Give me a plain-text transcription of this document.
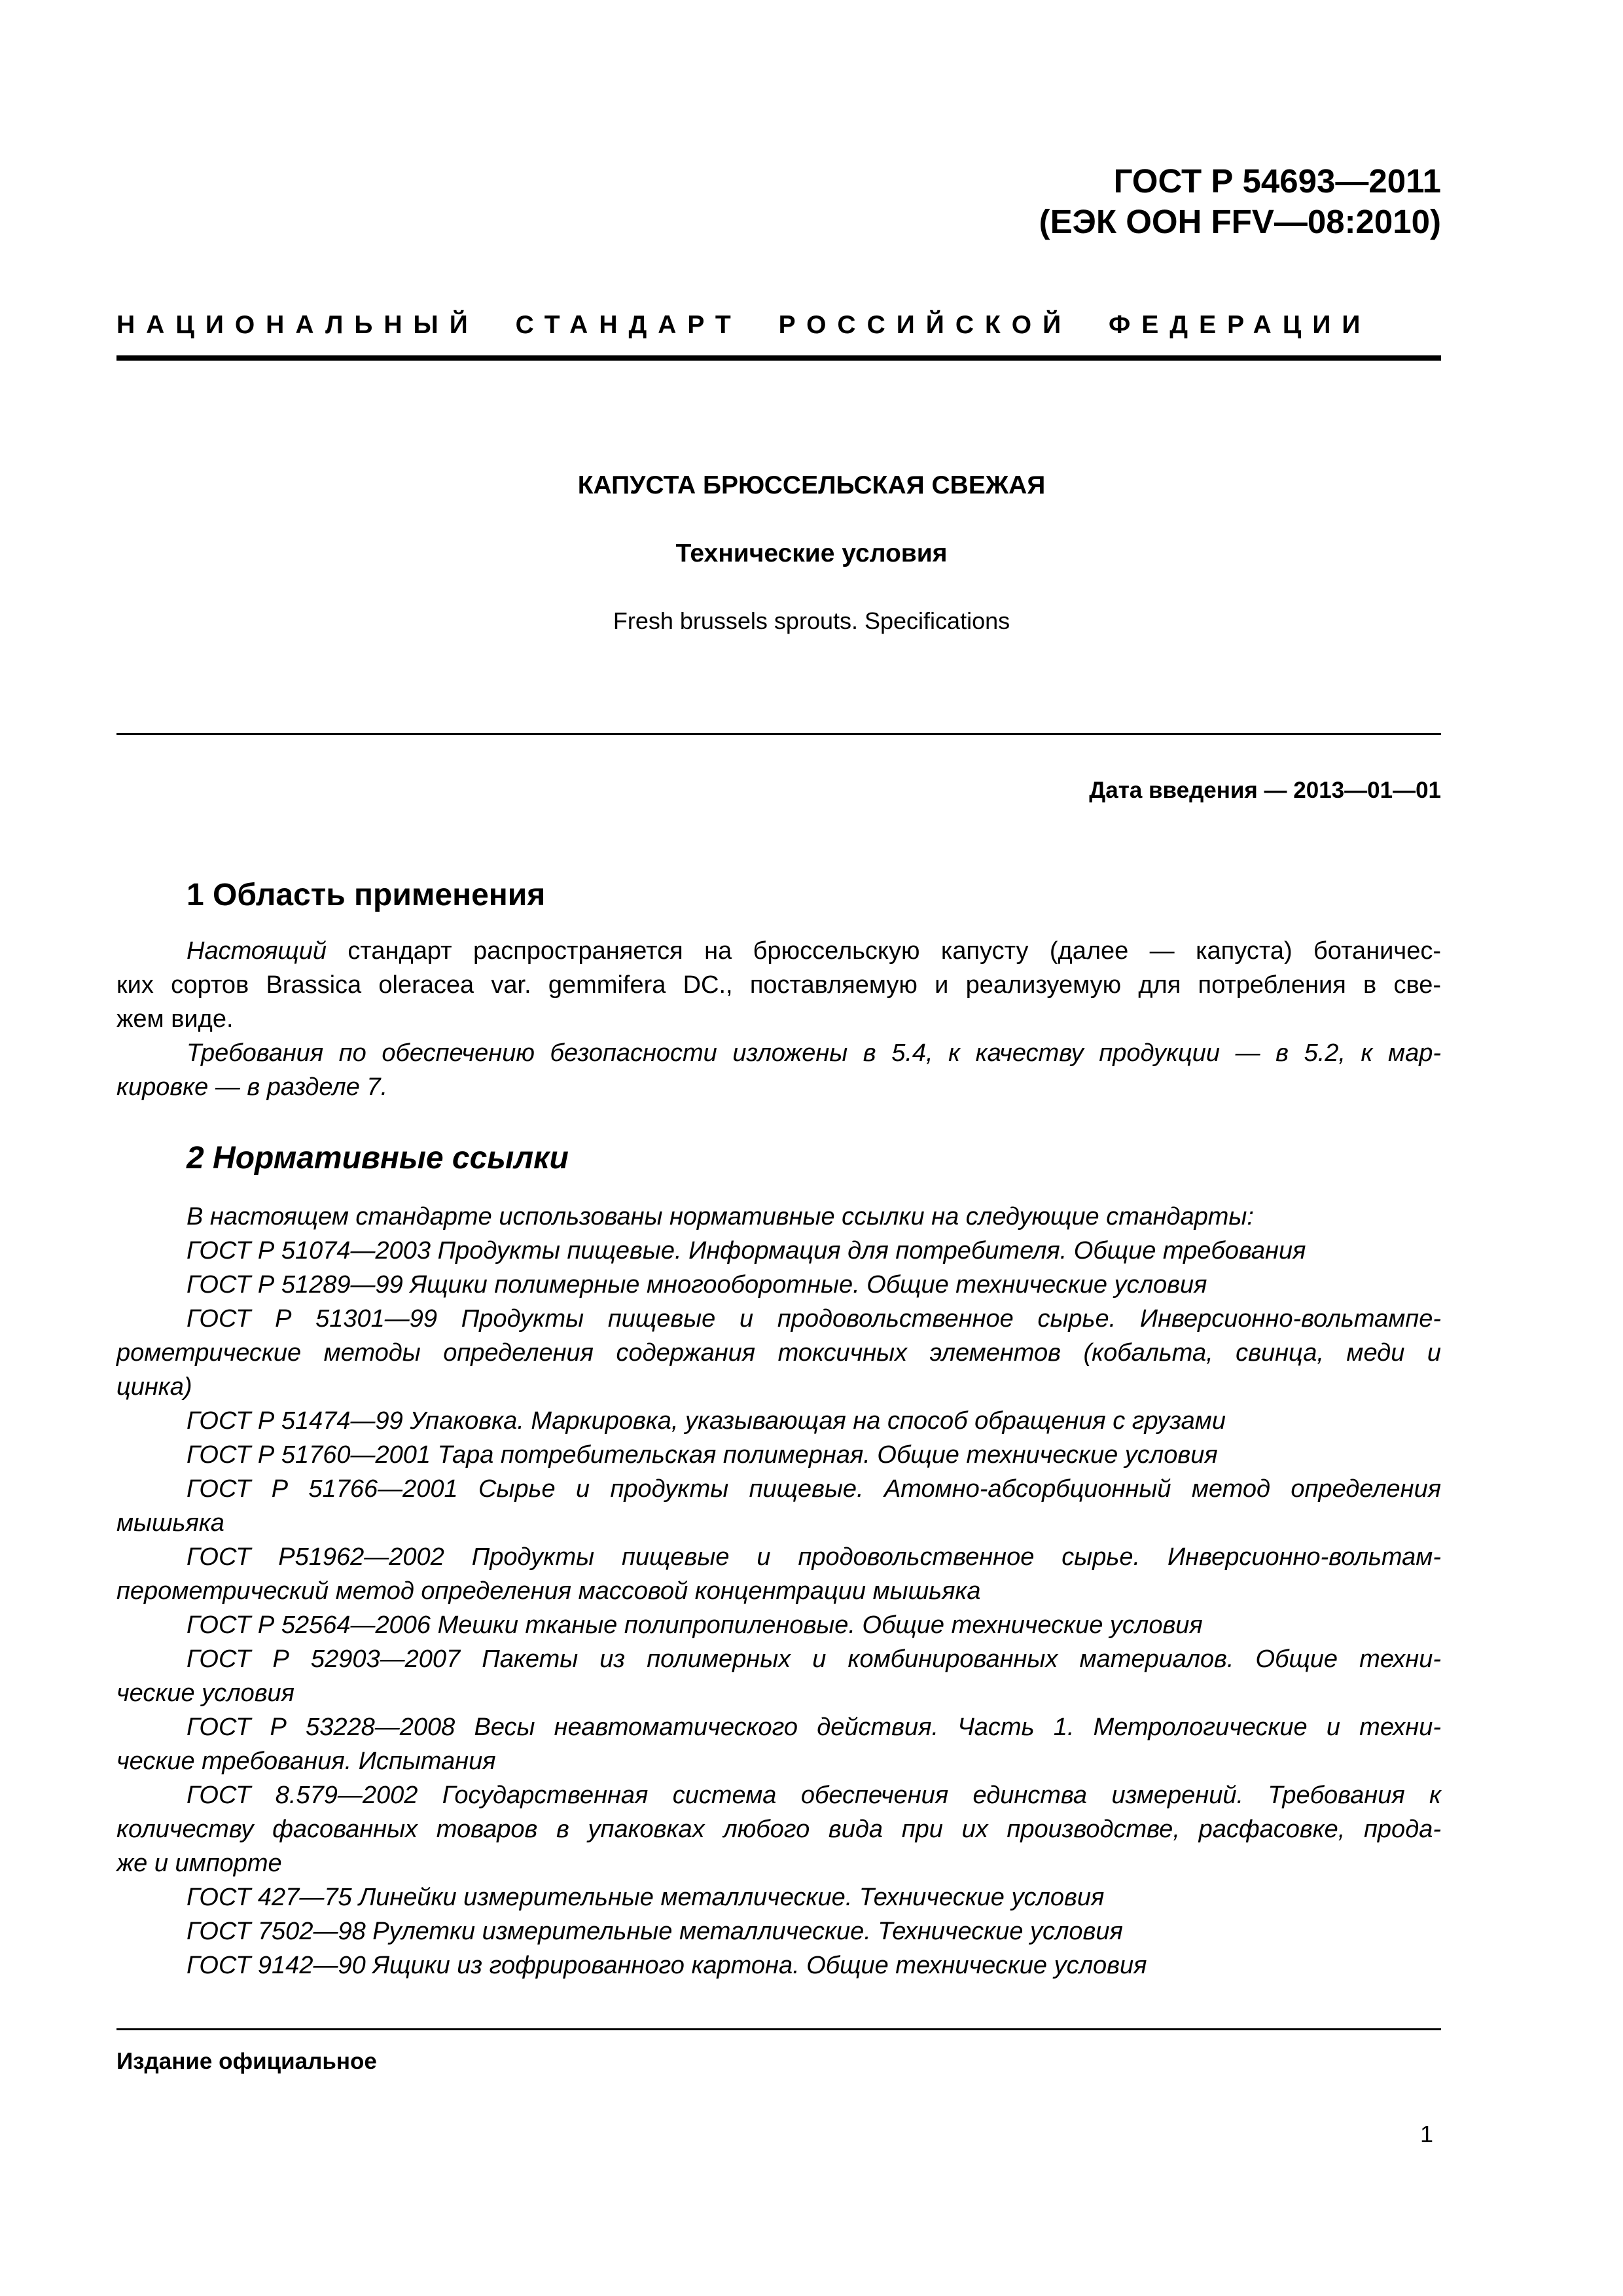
ГОСТ Р 54693—2011
(ЕЭК ООН FFV—08:2010)
НАЦИОНАЛЬНЫЙ СТАНДАРТ РОССИЙСКОЙ ФЕДЕРАЦИИ
КАПУСТА БРЮССЕЛЬСКАЯ СВЕЖАЯ
Технические условия
Fresh brussels sprouts. Specifications
Дата введения — 2013—01—01
1 Область применения
Настоящий стандарт распространяется на брюссельскую капусту (далее — капуста) ботаничес-
ких сортов Brassica oleracea var. gemmifera DC., поставляемую и реализуемую для потребления в све-
жем виде.
Требования по обеспечению безопасности изложены в 5.4, к качеству продукции — в 5.2, к мар-
кировке — в разделе 7.
2 Нормативные ссылки
В настоящем стандарте использованы нормативные ссылки на следующие стандарты:
ГОСТ Р 51074—2003 Продукты пищевые. Информация для потребителя. Общие требования
ГОСТ Р 51289—99 Ящики полимерные многооборотные. Общие технические условия
ГОСТ Р 51301—99 Продукты пищевые и продовольственное сырье. Инверсионно-вольтампе-
рометрические методы определения содержания токсичных элементов (кобальта, свинца, меди и
цинка)
ГОСТ Р 51474—99 Упаковка. Маркировка, указывающая на способ обращения с грузами
ГОСТ Р 51760—2001 Тара потребительская полимерная. Общие технические условия
ГОСТ Р 51766—2001 Сырье и продукты пищевые. Атомно-абсорбционный метод определения
мышьяка
ГОСТ Р51962—2002 Продукты пищевые и продовольственное сырье. Инверсионно-вольтам-
перометрический метод определения массовой концентрации мышьяка
ГОСТ Р 52564—2006 Мешки тканые полипропиленовые. Общие технические условия
ГОСТ Р 52903—2007 Пакеты из полимерных и комбинированных материалов. Общие техни-
ческие условия
ГОСТ Р 53228—2008 Весы неавтоматического действия. Часть 1. Метрологические и техни-
ческие требования. Испытания
ГОСТ 8.579—2002 Государственная система обеспечения единства измерений. Требования к
количеству фасованных товаров в упаковках любого вида при их производстве, расфасовке, прода-
же и импорте
ГОСТ 427—75 Линейки измерительные металлические. Технические условия
ГОСТ 7502—98 Рулетки измерительные металлические. Технические условия
ГОСТ 9142—90 Ящики из гофрированного картона. Общие технические условия
Издание официальное
1
